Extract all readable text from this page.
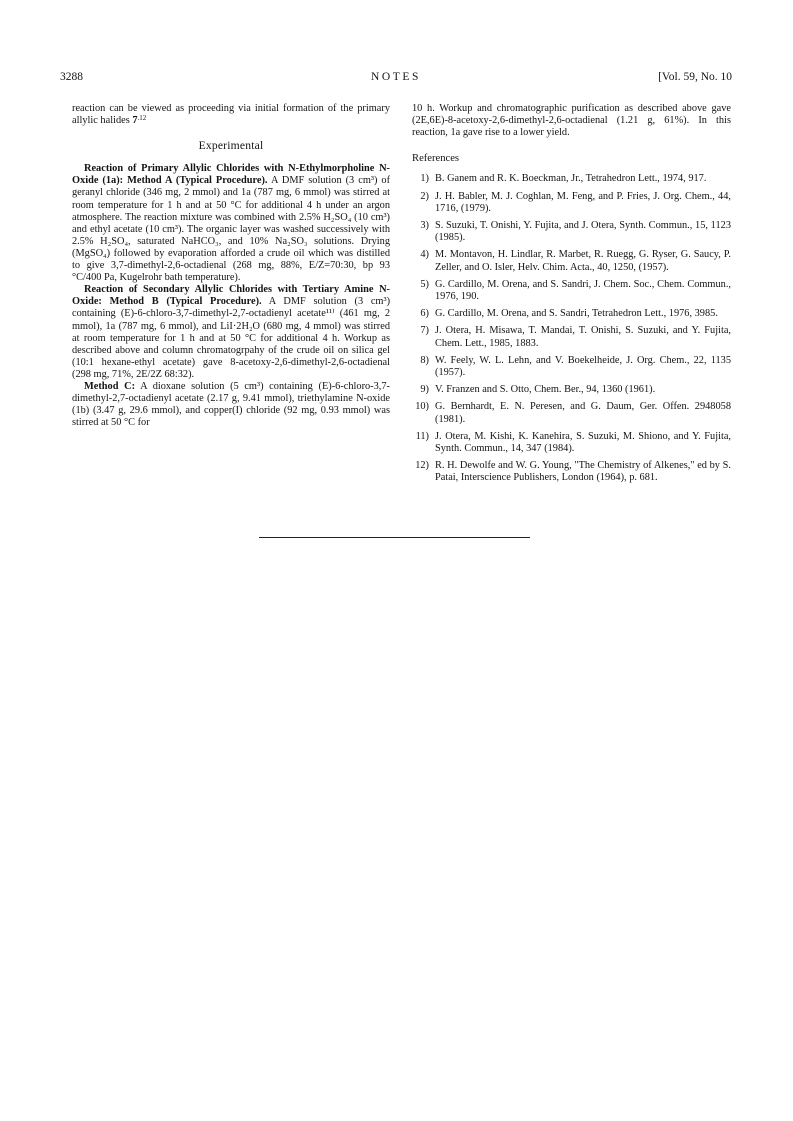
3288	NOTES	[Vol. 59, No. 10

reaction can be viewed as proceeding via initial formation of the primary allylic halides $7^{.12}$

Experimental

Reaction of Primary Allylic Chlorides with N-Ethylmorpholine N-Oxide (1a): Method A (Typical Procedure). A DMF solution (3 cm³) of geranyl chloride (346 mg, 2 mmol) and 1a (787 mg, 6 mmol) was stirred at room temperature for 1 h and at 50 °C for additional 4 h under an argon atmosphere. The reaction mixture was combined with 2.5% H₂SO₄ (10 cm³) and ethyl acetate (10 cm³). The organic layer was washed successively with 2.5% H₂SO₄, saturated NaHCO₃, and 10% Na₂SO₃ solutions. Drying (MgSO₄) followed by evaporation afforded a crude oil which was distilled to give 3,7-dimethyl-2,6-octadienal (268 mg, 88%, E/Z=70:30, bp 93 °C/400 Pa, Kugelrohr bath temperature).

Reaction of Secondary Allylic Chlorides with Tertiary Amine N-Oxide: Method B (Typical Procedure). A DMF solution (3 cm³) containing (E)-6-chloro-3,7-dimethyl-2,7-octadienyl acetate¹¹⁾ (461 mg, 2 mmol), 1a (787 mg, 6 mmol), and LiI·2H₂O (680 mg, 4 mmol) was stirred at room temperature for 1 h and at 50 °C for additional 4 h. Workup as described above and column chromatogrpahy of the crude oil on silica gel (10:1 hexane-ethyl acetate) gave 8-acetoxy-2,6-dimethyl-2,6-octadienal (298 mg, 71%, 2E/2Z 68:32).

Method C: A dioxane solution (5 cm³) containing (E)-6-chloro-3,7-dimethyl-2,7-octadienyl acetate (2.17 g, 9.41 mmol), triethylamine N-oxide (1b) (3.47 g, 29.6 mmol), and copper(I) chloride (92 mg, 0.93 mmol) was stirred at 50 °C for

10 h. Workup and chromatographic purification as described above gave (2E,6E)-8-acetoxy-2,6-dimethyl-2,6-octadienal (1.21 g, 61%). In this reaction, 1a gave rise to a lower yield.

References
1) B. Ganem and R. K. Boeckman, Jr., Tetrahedron Lett., 1974, 917.
2) J. H. Babler, M. J. Coghlan, M. Feng, and P. Fries, J. Org. Chem., 44, 1716, (1979).
3) S. Suzuki, T. Onishi, Y. Fujita, and J. Otera, Synth. Commun., 15, 1123 (1985).
4) M. Montavon, H. Lindlar, R. Marbet, R. Ruegg, G. Ryser, G. Saucy, P. Zeller, and O. Isler, Helv. Chim. Acta., 40, 1250, (1957).
5) G. Cardillo, M. Orena, and S. Sandri, J. Chem. Soc., Chem. Commun., 1976, 190.
6) G. Cardillo, M. Orena, and S. Sandri, Tetrahedron Lett., 1976, 3985.
7) J. Otera, H. Misawa, T. Mandai, T. Onishi, S. Suzuki, and Y. Fujita, Chem. Lett., 1985, 1883.
8) W. Feely, W. L. Lehn, and V. Boekelheide, J. Org. Chem., 22, 1135 (1957).
9) V. Franzen and S. Otto, Chem. Ber., 94, 1360 (1961).
10) G. Bernhardt, E. N. Peresen, and G. Daum, Ger. Offen. 2948058 (1981).
11) J. Otera, M. Kishi, K. Kanehira, S. Suzuki, M. Shiono, and Y. Fujita, Synth. Commun., 14, 347 (1984).
12) R. H. Dewolfe and W. G. Young, "The Chemistry of Alkenes," ed by S. Patai, Interscience Publishers, London (1964), p. 681.
